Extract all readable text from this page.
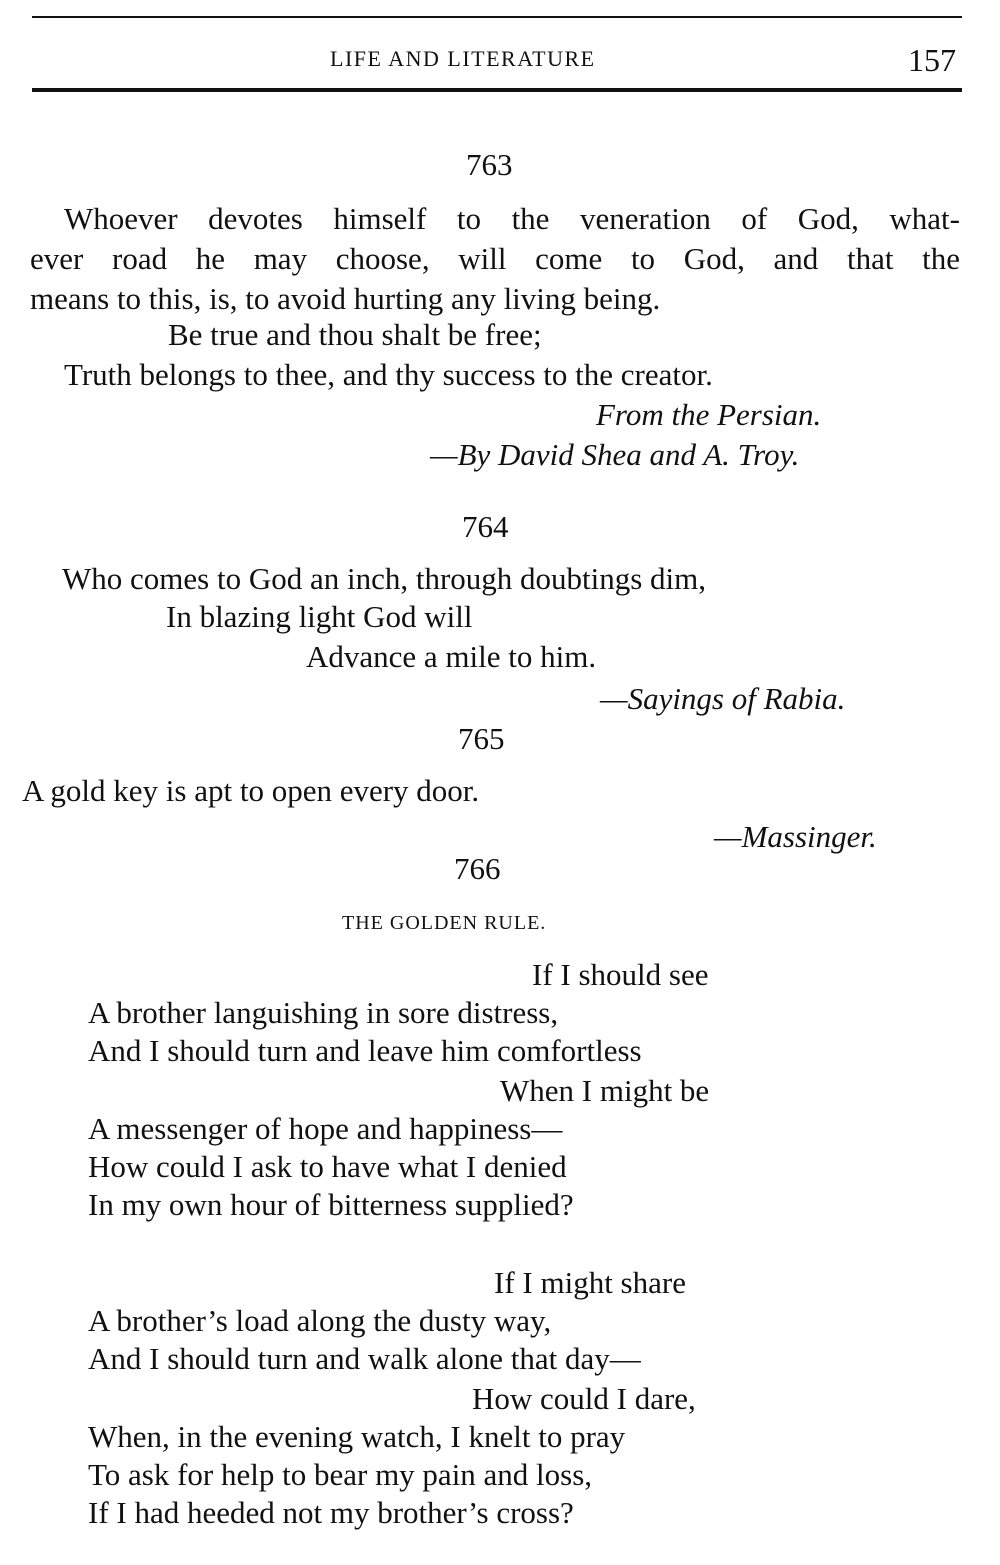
LIFE AND LITERATURE	157
763
Whoever devotes himself to the veneration of God, what-
ever road he may choose, will come to God, and that the
means to this, is, to avoid hurting any living being.
Be true and thou shalt be free;
Truth belongs to thee, and thy success to the creator.
From the Persian.
—By David Shea and A. Troy.
764
Who comes to God an inch, through doubtings dim,
In blazing light God will
Advance a mile to him.
—Sayings of Rabia.
765
A gold key is apt to open every door.
—Massinger.
766
THE GOLDEN RULE.
If I should see
A brother languishing in sore distress,
And I should turn and leave him comfortless
When I might be
A messenger of hope and happiness—
How could I ask to have what I denied
In my own hour of bitterness supplied?
If I might share
A brother’s load along the dusty way,
And I should turn and walk alone that day—
How could I dare,
When, in the evening watch, I knelt to pray
To ask for help to bear my pain and loss,
If I had heeded not my brother’s cross?
